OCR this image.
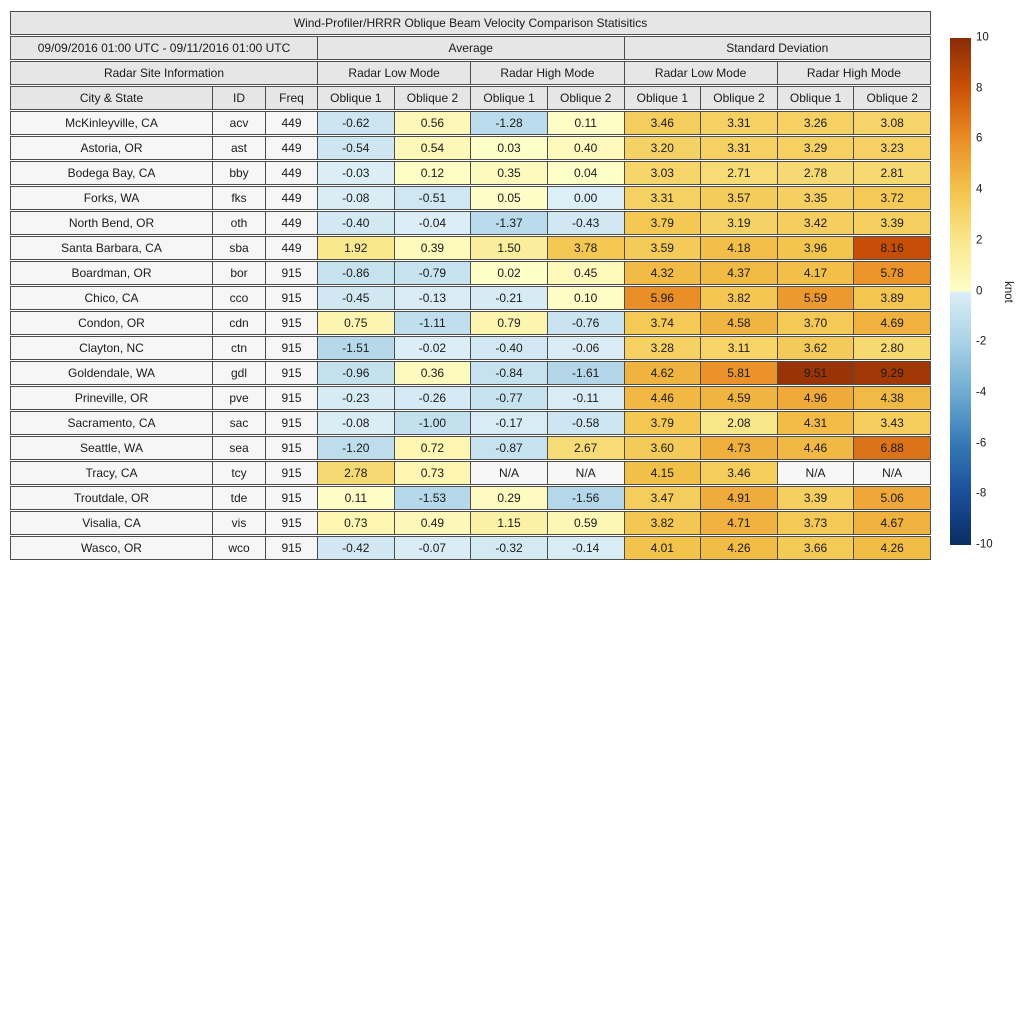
Wind-Profiler/HRRR Oblique Beam Velocity Comparison Statisitics										
09/09/2016 01:00 UTC - 09/11/2016 01:00 UTC			Average				Standard Deviation			
Radar Site Information			Radar Low Mode		Radar High Mode		Radar Low Mode		Radar High Mode	
City & State	ID	Freq	Oblique 1	Oblique 2	Oblique 1	Oblique 2	Oblique 1	Oblique 2	Oblique 1	Oblique 2
McKinleyville, CA	acv	449	-0.62	0.56	-1.28	0.11	3.46	3.31	3.26	3.08
Astoria, OR	ast	449	-0.54	0.54	0.03	0.40	3.20	3.31	3.29	3.23
Bodega Bay, CA	bby	449	-0.03	0.12	0.35	0.04	3.03	2.71	2.78	2.81
Forks, WA	fks	449	-0.08	-0.51	0.05	0.00	3.31	3.57	3.35	3.72
North Bend, OR	oth	449	-0.40	-0.04	-1.37	-0.43	3.79	3.19	3.42	3.39
Santa Barbara, CA	sba	449	1.92	0.39	1.50	3.78	3.59	4.18	3.96	8.16
Boardman, OR	bor	915	-0.86	-0.79	0.02	0.45	4.32	4.37	4.17	5.78
Chico, CA	cco	915	-0.45	-0.13	-0.21	0.10	5.96	3.82	5.59	3.89
Condon, OR	cdn	915	0.75	-1.11	0.79	-0.76	3.74	4.58	3.70	4.69
Clayton, NC	ctn	915	-1.51	-0.02	-0.40	-0.06	3.28	3.11	3.62	2.80
Goldendale, WA	gdl	915	-0.96	0.36	-0.84	-1.61	4.62	5.81	9.51	9.29
Prineville, OR	pve	915	-0.23	-0.26	-0.77	-0.11	4.46	4.59	4.96	4.38
Sacramento, CA	sac	915	-0.08	-1.00	-0.17	-0.58	3.79	2.08	4.31	3.43
Seattle, WA	sea	915	-1.20	0.72	-0.87	2.67	3.60	4.73	4.46	6.88
Tracy, CA	tcy	915	2.78	0.73	N/A	N/A	4.15	3.46	N/A	N/A
Troutdale, OR	tde	915	0.11	-1.53	0.29	-1.56	3.47	4.91	3.39	5.06
Visalia, CA	vis	915	0.73	0.49	1.15	0.59	3.82	4.71	3.73	4.67
Wasco, OR	wco	915	-0.42	-0.07	-0.32	-0.14	4.01	4.26	3.66	4.26
10
8
6
4
2
0
-2
-4
-6
-8
-10
knot
